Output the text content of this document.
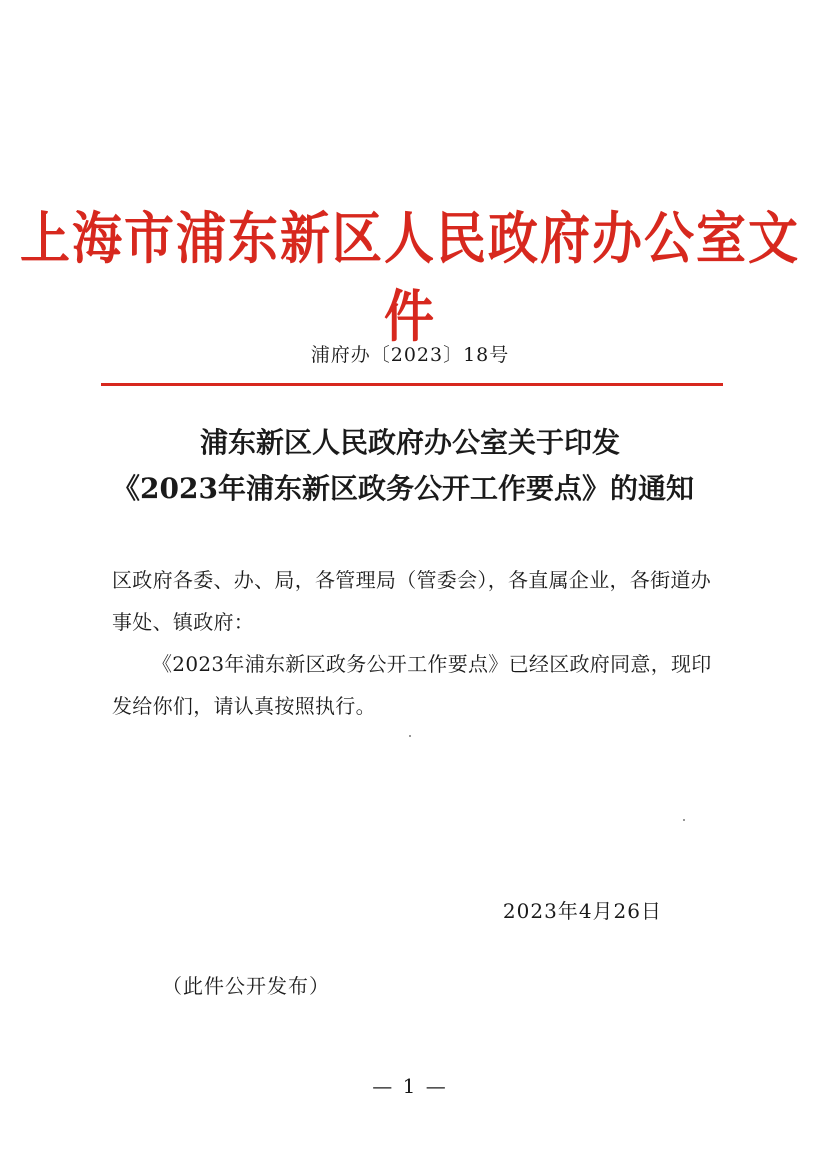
上海市浦东新区人民政府办公室文件
浦府办〔2023〕18号
浦东新区人民政府办公室关于印发
《2023年浦东新区政务公开工作要点》的通知

区政府各委、办、局，各管理局（管委会），各直属企业，各街道办事处、镇政府：

《2023年浦东新区政务公开工作要点》已经区政府同意，现印发给你们，请认真按照执行。

2023年4月26日
（此件公开发布）
— 1 —
